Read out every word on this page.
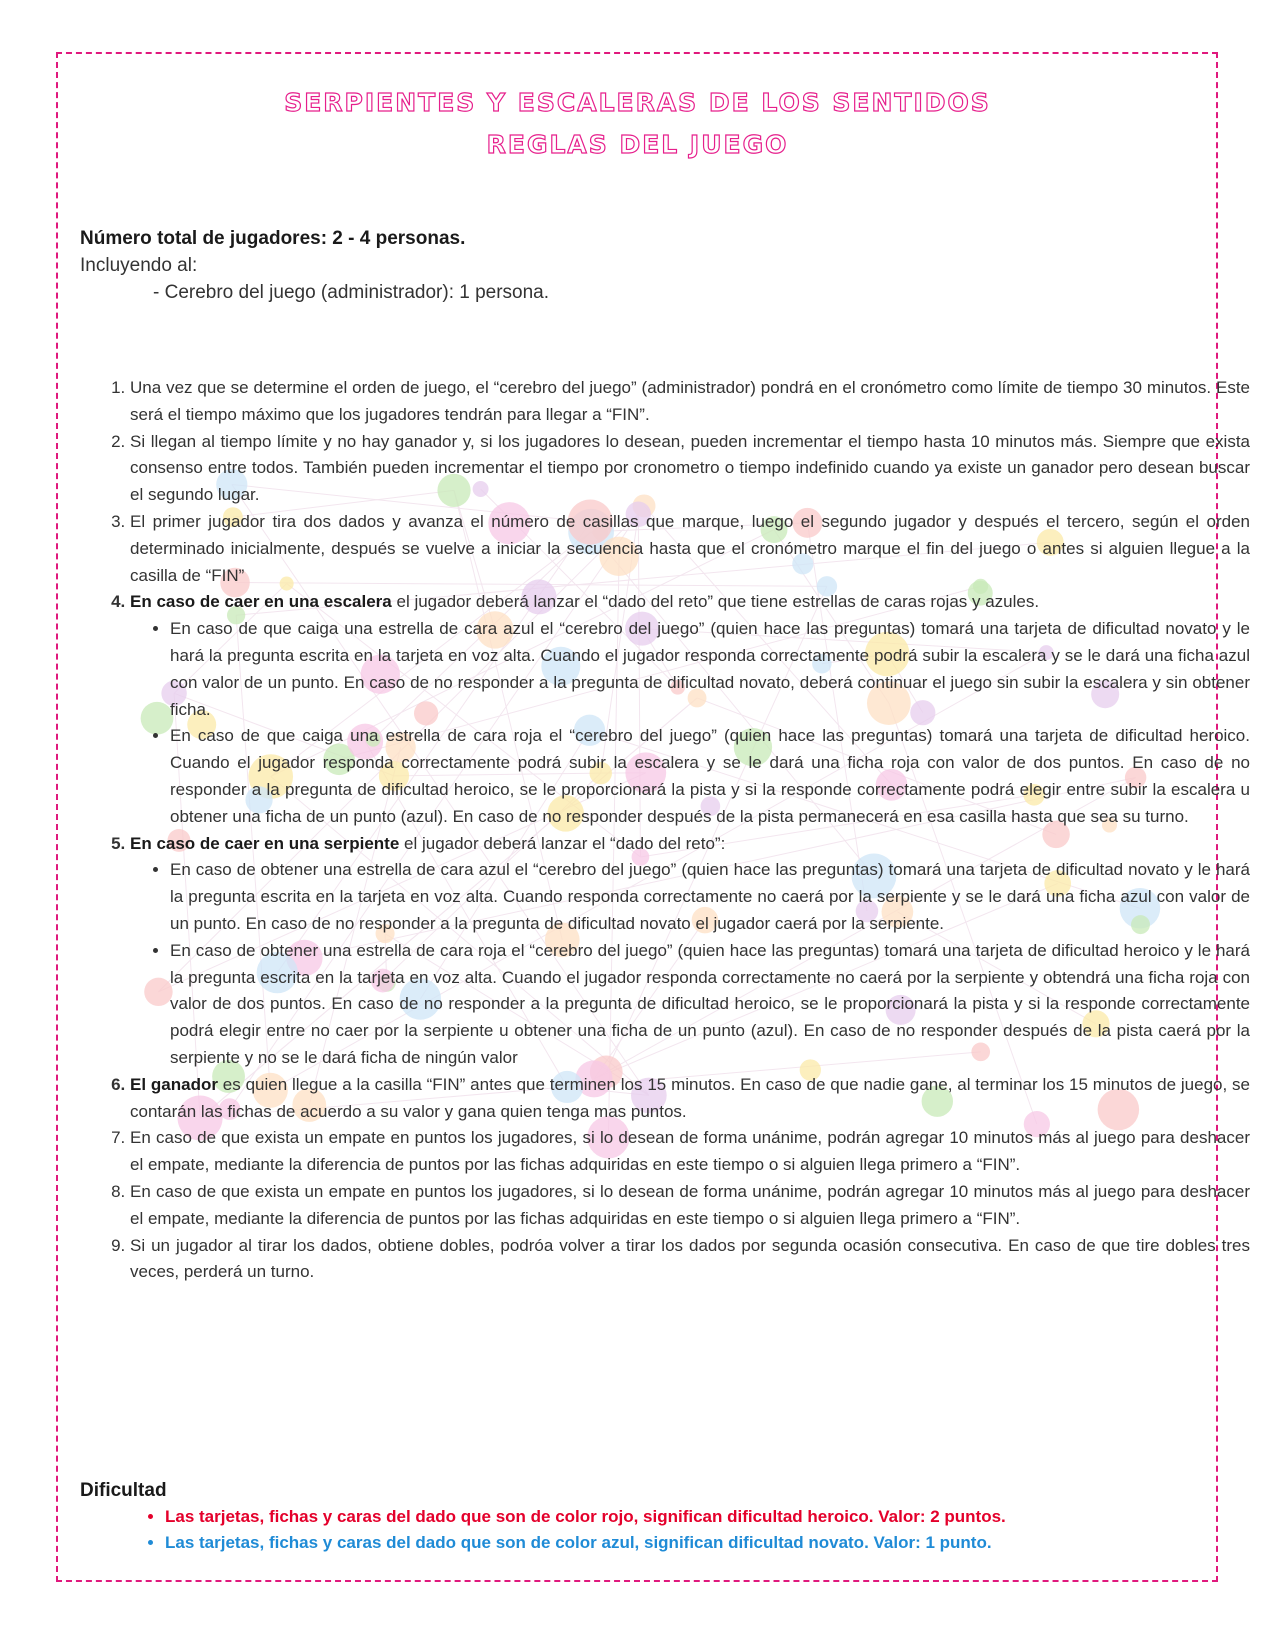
SERPIENTES Y ESCALERAS DE LOS SENTIDOS
REGLAS DEL JUEGO
Número total de jugadores: 2 - 4 personas.
Incluyendo al:
- Cerebro del juego (administrador): 1 persona.
1. Una vez que se determine el orden de juego, el “cerebro del juego” (administrador) pondrá en el cronómetro como límite de tiempo 30 minutos. Este será el tiempo máximo que los jugadores tendrán para llegar a “FIN”.
2. Si llegan al tiempo límite y no hay ganador y, si los jugadores lo desean, pueden incrementar el tiempo hasta 10 minutos más. Siempre que exista consenso entre todos. También pueden incrementar el tiempo por cronometro o tiempo indefinido cuando ya existe un ganador pero desean buscar el segundo lugar.
3. El primer jugador tira dos dados y avanza el número de casillas que marque, luego el segundo jugador y después el tercero, según el orden determinado inicialmente, después se vuelve a iniciar la secuencia hasta que el cronómetro marque el fin del juego o antes si alguien llegue a la casilla de “FIN”
4. En caso de caer en una escalera el jugador deberá lanzar el “dado del reto” que tiene estrellas de caras rojas y azules.
• En caso de que caiga una estrella de cara azul el “cerebro del juego” (quien hace las preguntas) tomará una tarjeta de dificultad novato y le hará la pregunta escrita en la tarjeta en voz alta. Cuando el jugador responda correctamente podrá subir la escalera y se le dará una ficha azul con valor de un punto. En caso de no responder a la pregunta de dificultad novato, deberá continuar el juego sin subir la escalera y sin obtener ficha.
• En caso de que caiga una estrella de cara roja el “cerebro del juego” (quien hace las preguntas) tomará una tarjeta de dificultad heroico. Cuando el jugador responda correctamente podrá subir la escalera y se le dará una ficha roja con valor de dos puntos. En caso de no responder a la pregunta de dificultad heroico, se le proporcionará la pista y si la responde correctamente podrá elegir entre subir la escalera u obtener una ficha de un punto (azul). En caso de no responder después de la pista permanecerá en esa casilla hasta que sea su turno.
5. En caso de caer en una serpiente el jugador deberá lanzar el “dado del reto”:
• En caso de obtener una estrella de cara azul el “cerebro del juego” (quien hace las preguntas) tomará una tarjeta de dificultad novato y le hará la pregunta escrita en la tarjeta en voz alta. Cuando responda correctamente no caerá por la serpiente y se le dará una ficha azul con valor de un punto. En caso de no responder a la pregunta de dificultad novato el jugador caerá por la serpiente.
• En caso de obtener una estrella de cara roja el “cerebro del juego” (quien hace las preguntas) tomará una tarjeta de dificultad heroico y le hará la pregunta escrita en la tarjeta en voz alta. Cuando el jugador responda correctamente no caerá por la serpiente y obtendrá una ficha roja con valor de dos puntos. En caso de no responder a la pregunta de dificultad heroico, se le proporcionará la pista y si la responde correctamente podrá elegir entre no caer por la serpiente u obtener una ficha de un punto (azul). En caso de no responder después de la pista caerá por la serpiente y no se le dará ficha de ningún valor
6. El ganador es quien llegue a la casilla “FIN” antes que terminen los 15 minutos. En caso de que nadie gane, al terminar los 15 minutos de juego, se contarán las fichas de acuerdo a su valor y gana quien tenga mas puntos.
7. En caso de que exista un empate en puntos los jugadores, si lo desean de forma unánime, podrán agregar 10 minutos más al juego para deshacer el empate, mediante la diferencia de puntos por las fichas adquiridas en este tiempo o si alguien llega primero a “FIN”.
8. En caso de que exista un empate en puntos los jugadores, si lo desean de forma unánime, podrán agregar 10 minutos más al juego para deshacer el empate, mediante la diferencia de puntos por las fichas adquiridas en este tiempo o si alguien llega primero a “FIN”.
9. Si un jugador al tirar los dados, obtiene dobles, podróa volver a tirar los dados por segunda ocasión consecutiva. En caso de que tire dobles tres veces, perderá un turno.
Dificultad
• Las tarjetas, fichas y caras del dado que son de color rojo, significan dificultad heroico. Valor: 2 puntos.
• Las tarjetas, fichas y caras del dado que son de color azul, significan dificultad novato. Valor: 1 punto.
